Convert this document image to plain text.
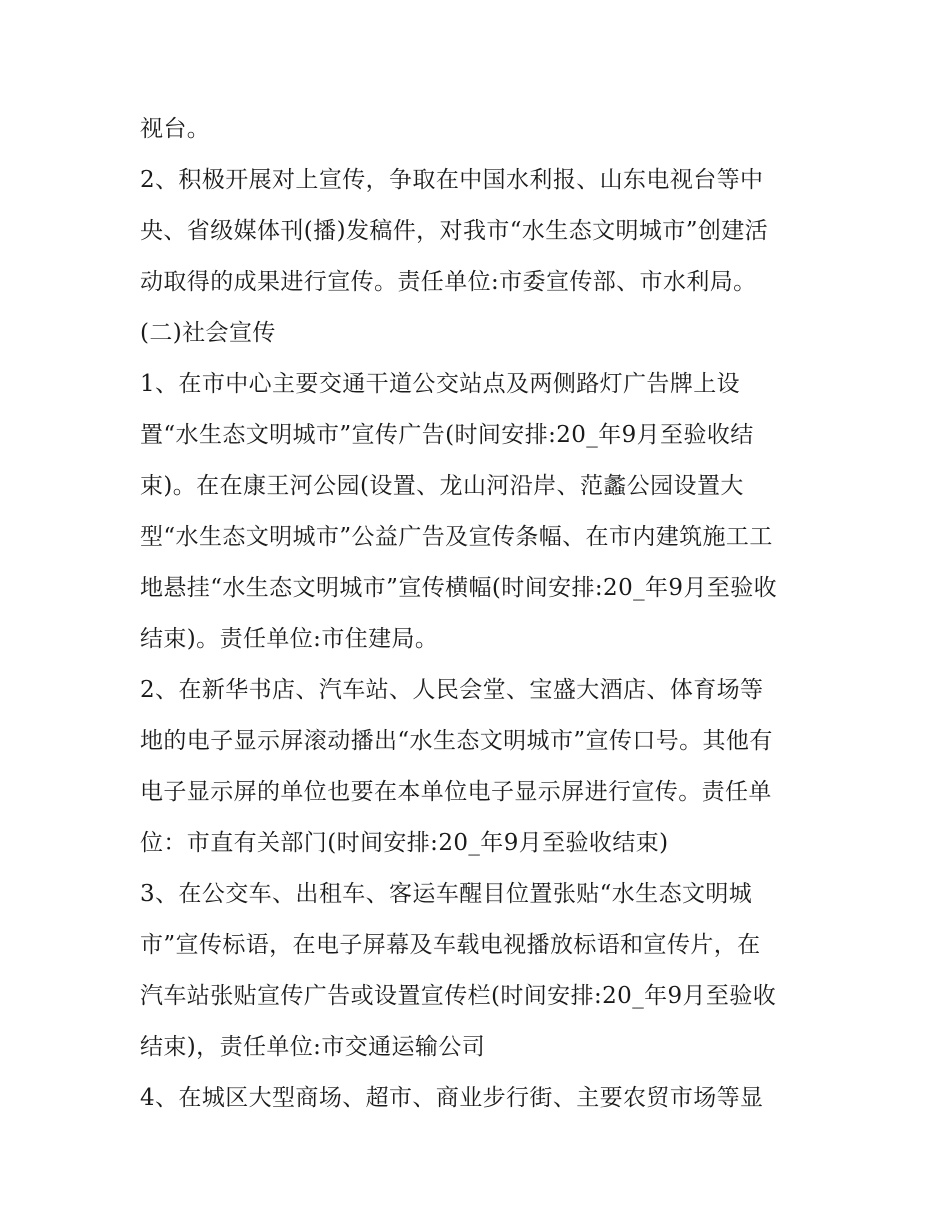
视台。
2、积极开展对上宣传，争取在中国水利报、山东电视台等中
央、省级媒体刊(播)发稿件，对我市“水生态文明城市”创建活
动取得的成果进行宣传。责任单位:市委宣传部、市水利局。
(二)社会宣传
1、在市中心主要交通干道公交站点及两侧路灯广告牌上设
置“水生态文明城市”宣传广告(时间安排:20_年9月至验收结
束)。在在康王河公园(设置、龙山河沿岸、范蠡公园设置大
型“水生态文明城市”公益广告及宣传条幅、在市内建筑施工工
地悬挂“水生态文明城市”宣传横幅(时间安排:20_年9月至验收
结束)。责任单位:市住建局。
2、在新华书店、汽车站、人民会堂、宝盛大酒店、体育场等
地的电子显示屏滚动播出“水生态文明城市”宣传口号。其他有
电子显示屏的单位也要在本单位电子显示屏进行宣传。责任单
位：市直有关部门(时间安排:20_年9月至验收结束)
3、在公交车、出租车、客运车醒目位置张贴“水生态文明城
市”宣传标语，在电子屏幕及车载电视播放标语和宣传片，在
汽车站张贴宣传广告或设置宣传栏(时间安排:20_年9月至验收
结束)，责任单位:市交通运输公司
4、在城区大型商场、超市、商业步行街、主要农贸市场等显
